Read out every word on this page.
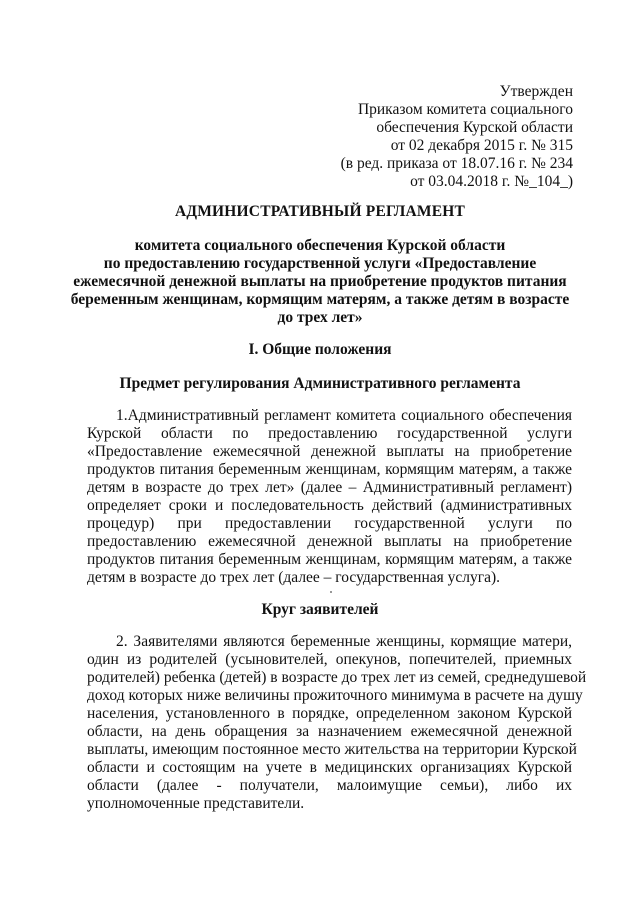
Утвержден
Приказом комитета социального
обеспечения Курской области
от 02 декабря 2015 г. № 315
(в ред. приказа от 18.07.16 г. № 234
от 03.04.2018 г. №_104_)
АДМИНИСТРАТИВНЫЙ РЕГЛАМЕНТ
комитета социального обеспечения Курской области
по предоставлению государственной услуги «Предоставление
ежемесячной денежной выплаты на приобретение продуктов питания
беременным женщинам, кормящим матерям, а также детям в возрасте
до трех лет»
I. Общие положения
Предмет регулирования Административного регламента
1.Административный регламент комитета социального обеспечения
Курской области по предоставлению государственной услуги
«Предоставление ежемесячной денежной выплаты на приобретение
продуктов питания беременным женщинам, кормящим матерям, а также
детям в возрасте до трех лет» (далее – Административный регламент)
определяет сроки и последовательность действий (административных
процедур) при предоставлении государственной услуги по
предоставлению ежемесячной денежной выплаты на приобретение
продуктов питания беременным женщинам, кормящим матерям, а также
детям в возрасте до трех лет (далее – государственная услуга).
Круг заявителей
2. Заявителями являются беременные женщины, кормящие матери,
один из родителей (усыновителей, опекунов, попечителей, приемных
родителей) ребенка (детей) в возрасте до трех лет из семей, среднедушевой
доход которых ниже величины прожиточного минимума в расчете на душу
населения, установленного в порядке, определенном законом Курской
области, на день обращения за назначением ежемесячной денежной
выплаты, имеющим постоянное место жительства на территории Курской
области и состоящим на учете в медицинских организациях Курской
области (далее - получатели, малоимущие семьи), либо их
уполномоченные представители.
